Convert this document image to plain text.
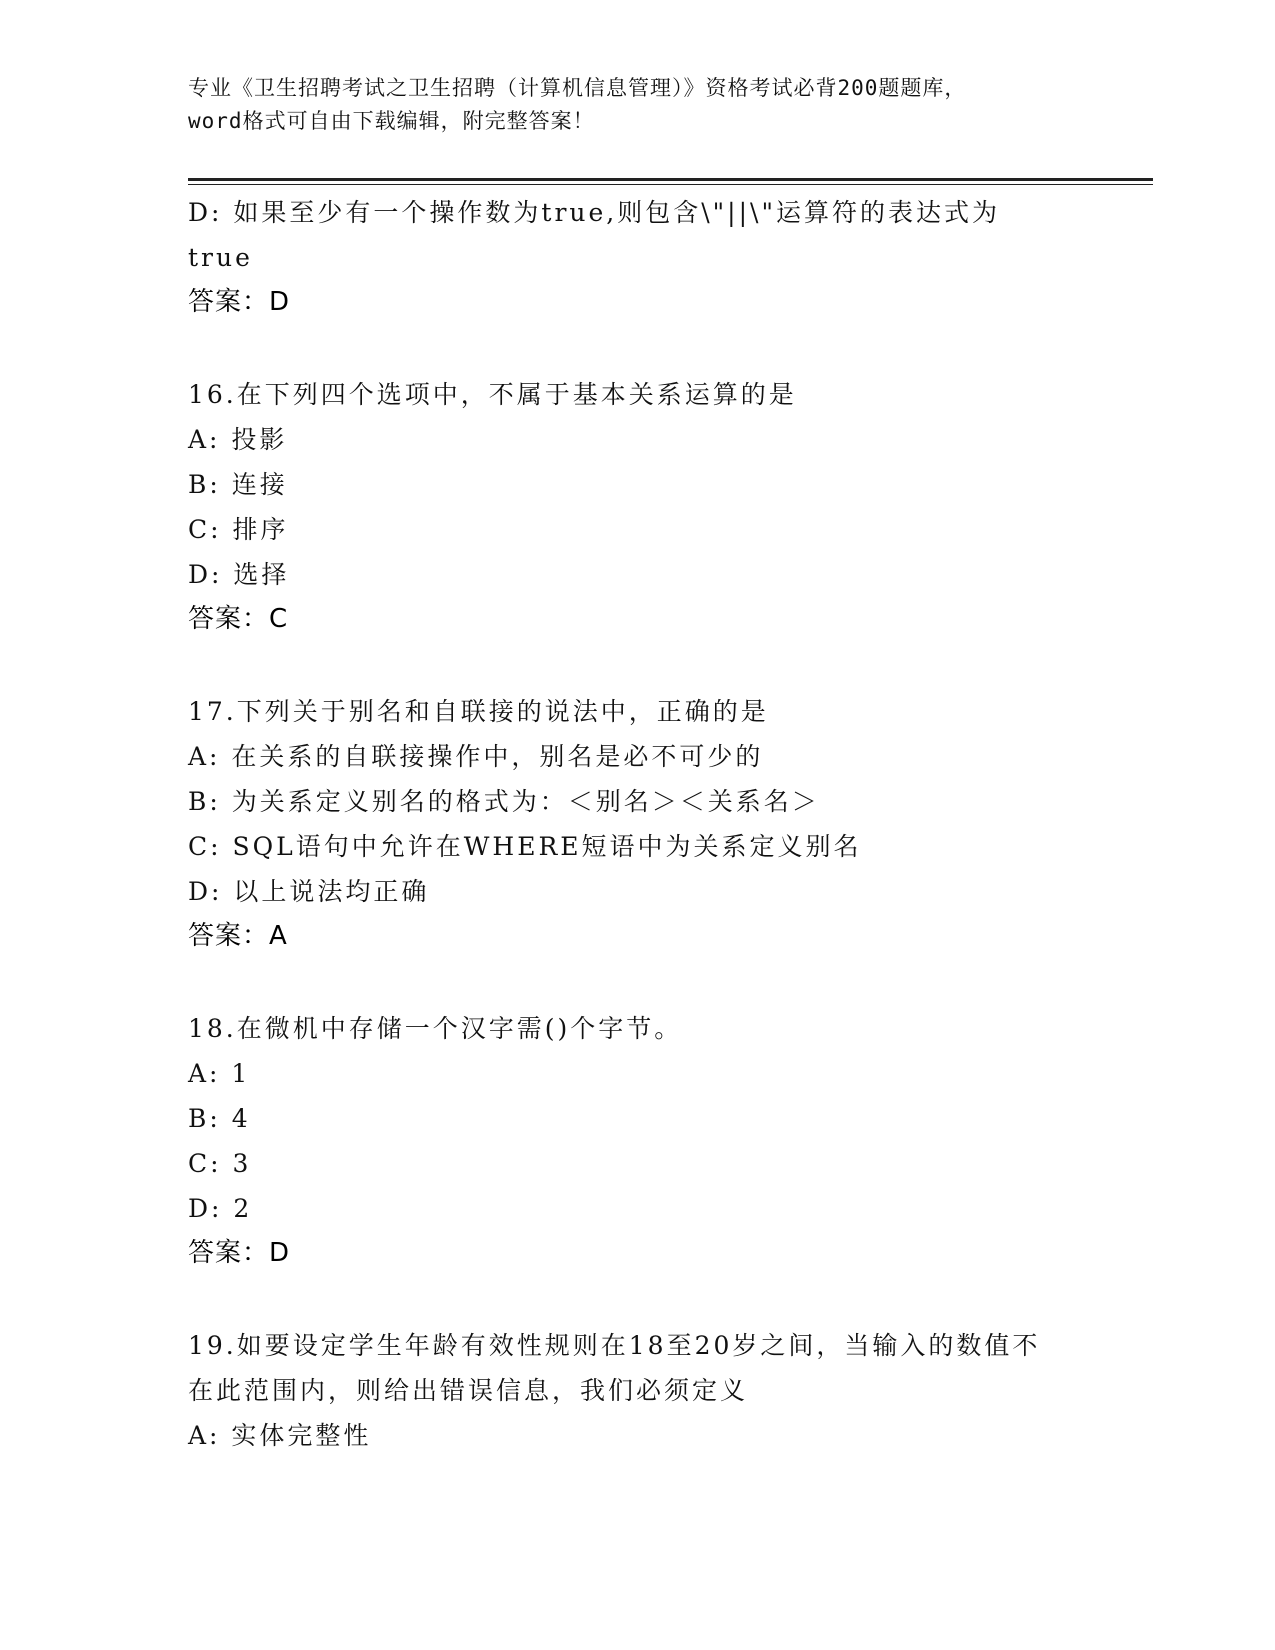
专业《卫生招聘考试之卫生招聘（计算机信息管理）》资格考试必背200题题库，
word格式可自由下载编辑，附完整答案！
D: 如果至少有一个操作数为true,则包含\"||\"运算符的表达式为
true
答案：D
16.在下列四个选项中，不属于基本关系运算的是
A: 投影
B: 连接
C: 排序
D: 选择
答案：C
17.下列关于别名和自联接的说法中，正确的是
A: 在关系的自联接操作中，别名是必不可少的
B: 为关系定义别名的格式为：＜别名＞＜关系名＞
C: SQL语句中允许在WHERE短语中为关系定义别名
D: 以上说法均正确
答案：A
18.在微机中存储一个汉字需()个字节。
A: 1
B: 4
C: 3
D: 2
答案：D
19.如要设定学生年龄有效性规则在18至20岁之间，当输入的数值不
在此范围内，则给出错误信息，我们必须定义
A: 实体完整性
